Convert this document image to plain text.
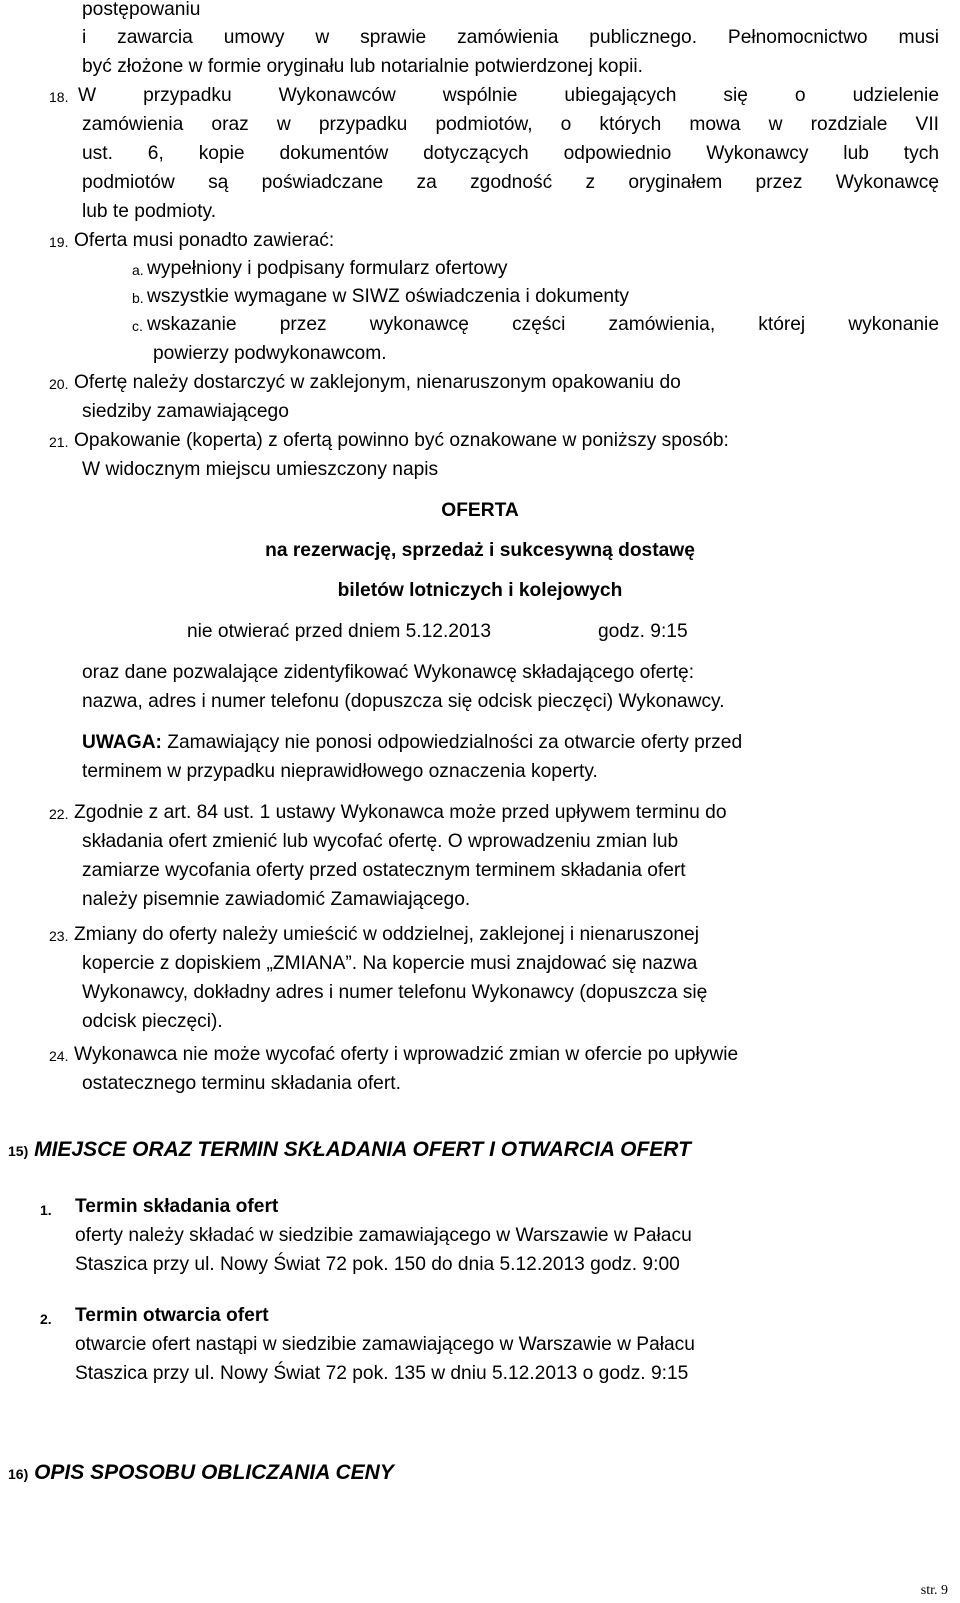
postępowaniu
i zawarcia umowy w sprawie zamówienia publicznego. Pełnomocnictwo musi
być złożone w formie oryginału lub notarialnie potwierdzonej kopii.
18. W przypadku Wykonawców wspólnie ubiegających się o udzielenie
zamówienia oraz w przypadku podmiotów, o których mowa w rozdziale VII
ust. 6, kopie dokumentów dotyczących odpowiednio Wykonawcy lub tych
podmiotów są poświadczane za zgodność z oryginałem przez Wykonawcę
lub te podmioty.
19. Oferta musi ponadto zawierać:
a. wypełniony i podpisany formularz ofertowy
b. wszystkie wymagane w SIWZ oświadczenia i dokumenty
c. wskazanie przez wykonawcę części zamówienia, której wykonanie
powierzy podwykonawcom.
20. Ofertę należy dostarczyć w zaklejonym, nienaruszonym opakowaniu do
siedziby zamawiającego
21. Opakowanie (koperta) z ofertą powinno być oznakowane w poniższy sposób:
W widocznym miejscu umieszczony napis
OFERTA
na rezerwację, sprzedaż i sukcesywną dostawę
biletów lotniczych i kolejowych
nie otwierać przed dniem 5.12.2013	godz. 9:15
oraz dane pozwalające zidentyfikować Wykonawcę składającego ofertę:
nazwa, adres i numer telefonu (dopuszcza się odcisk pieczęci) Wykonawcy.
UWAGA: Zamawiający nie ponosi odpowiedzialności za otwarcie oferty przed
terminem w przypadku nieprawidłowego oznaczenia koperty.
22. Zgodnie z art. 84 ust. 1 ustawy Wykonawca może przed upływem terminu do
składania ofert zmienić lub wycofać ofertę. O wprowadzeniu zmian lub
zamiarze wycofania oferty przed ostatecznym terminem składania ofert
należy pisemnie zawiadomić Zamawiającego.
23. Zmiany do oferty należy umieścić w oddzielnej, zaklejonej i nienaruszonej
kopercie z dopiskiem „ZMIANA”. Na kopercie musi znajdować się nazwa
Wykonawcy, dokładny adres i numer telefonu Wykonawcy (dopuszcza się
odcisk pieczęci).
24. Wykonawca nie może wycofać oferty i wprowadzić zmian w ofercie po upływie
ostatecznego terminu składania ofert.
15) MIEJSCE ORAZ TERMIN SKŁADANIA OFERT I OTWARCIA OFERT
1. Termin składania ofert
oferty należy składać w siedzibie zamawiającego w Warszawie w Pałacu
Staszica przy ul. Nowy Świat 72 pok. 150 do dnia 5.12.2013 godz. 9:00
2. Termin otwarcia ofert
otwarcie ofert nastąpi w siedzibie zamawiającego w Warszawie w Pałacu
Staszica przy ul. Nowy Świat 72 pok. 135 w dniu 5.12.2013 o godz. 9:15
16) OPIS SPOSOBU OBLICZANIA CENY
str. 9
